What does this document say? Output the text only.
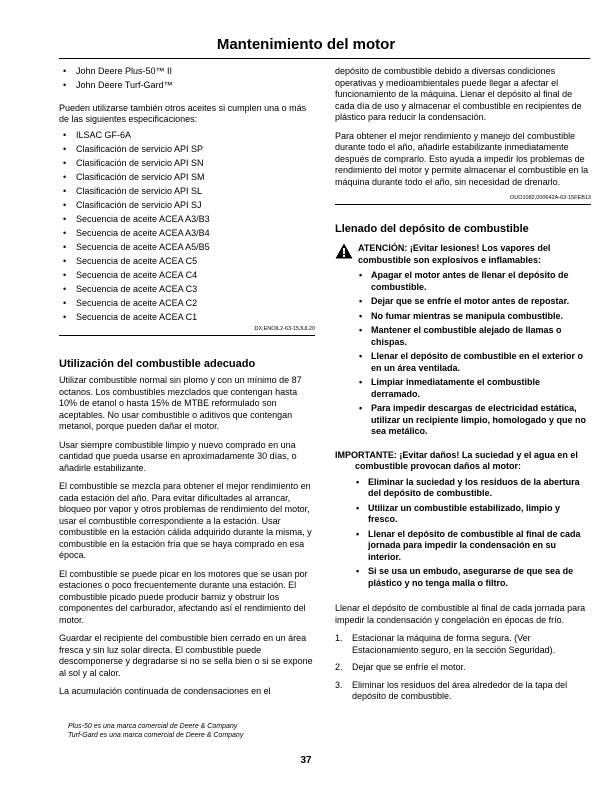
Mantenimiento del motor
• John Deere Plus-50™ II
• John Deere Turf-Gard™

Pueden utilizarse también otros aceites si cumplen una o más de las siguientes especificaciones:

• ILSAC GF-6A
• Clasificación de servicio API SP
• Clasificación de servicio API SN
• Clasificación de servicio API SM
• Clasificación de servicio API SL
• Clasificación de servicio API SJ
• Secuencia de aceite ACEA A3/B3
• Secuencia de aceite ACEA A3/B4
• Secuencia de aceite ACEA A5/B5
• Secuencia de aceite ACEA C5
• Secuencia de aceite ACEA C4
• Secuencia de aceite ACEA C3
• Secuencia de aceite ACEA C2
• Secuencia de aceite ACEA C1
DX,ENOIL2-63-15JUL20
Utilización del combustible adecuado

Utilizar combustible normal sin plomo y con un mínimo de 87 octanos. Los combustibles mezclados que contengan hasta 10% de etanol o hasta 15% de MTBE reformulado son aceptables. No usar combustible o aditivos que contengan metanol, porque pueden dañar el motor.

Usar siempre combustible limpio y nuevo comprado en una cantidad que pueda usarse en aproximadamente 30 días, o añadirle estabilizante.

El combustible se mezcla para obtener el mejor rendimiento en cada estación del año. Para evitar dificultades al arrancar, bloqueo por vapor y otros problemas de rendimiento del motor, usar el combustible correspondiente a la estación. Usar combustible en la estación cálida adquirido durante la misma, y combustible en la estación fría que se haya comprado en esa época.

El combustible se puede picar en los motores que se usan por estaciones o poco frecuentemente durante una estación. El combustible picado puede producir barniz y obstruir los componentes del carburador, afectando así el rendimiento del motor.

Guardar el recipiente del combustible bien cerrado en un área fresca y sin luz solar directa. El combustible puede descomponerse y degradarse si no se sella bien o si se expone al sol y al calor.

La acumulación continuada de condensaciones en el

Plus-50 es una marca comercial de Deere & Company
Turf-Gard es una marca comercial de Deere & Company

depósito de combustible debido a diversas condiciones operativas y medioambientales puede llegar a afectar el funcionamiento de la máquina. Llenar el depósito al final de cada día de uso y almacenar el combustible en recipientes de plástico para reducir la condensación.

Para obtener el mejor rendimiento y manejo del combustible durante todo el año, añadirle estabilizante inmediatamente después de comprarlo. Esto ayuda a impedir los problemas de rendimiento del motor y permite almacenar el combustible en la máquina durante todo el año, sin necesidad de drenarlo.

OUO1082,000642A-63-15FEB13
Llenado del depósito de combustible

ATENCIÓN: ¡Evitar lesiones! Los vapores del combustible son explosivos e inflamables:

• Apagar el motor antes de llenar el depósito de combustible.
• Dejar que se enfríe el motor antes de repostar.
• No fumar mientras se manipula combustible.
• Mantener el combustible alejado de llamas o chispas.
• Llenar el depósito de combustible en el exterior o en un área ventilada.
• Limpiar inmediatamente el combustible derramado.
• Para impedir descargas de electricidad estática, utilizar un recipiente limpio, homologado y que no sea metálico.

IMPORTANTE: ¡Evitar daños! La suciedad y el agua en el combustible provocan daños al motor:

• Eliminar la suciedad y los residuos de la abertura del depósito de combustible.
• Utilizar un combustible estabilizado, limpio y fresco.
• Llenar el depósito de combustible al final de cada jornada para impedir la condensación en su interior.
• Si se usa un embudo, asegurarse de que sea de plástico y no tenga malla o filtro.

Llenar el depósito de combustible al final de cada jornada para impedir la condensación y congelación en épocas de frío.

1. Estacionar la máquina de forma segura. (Ver Estacionamiento seguro, en la sección Seguridad).
2. Dejar que se enfríe el motor.
3. Eliminar los residuos del área alrededor de la tapa del depósito de combustible.
37
